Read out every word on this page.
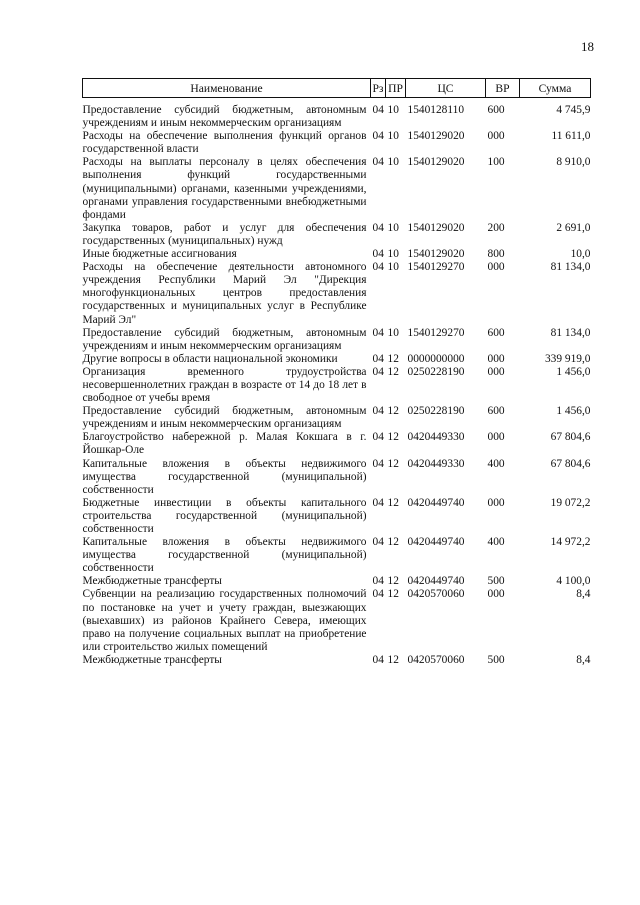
18
Наименование	Рз	ПР	ЦС	ВР	Сумма
Предоставление субсидий бюджетным, автономным учреждениям и иным некоммерческим организациям	04	10	1540128110	600	4 745,9
Расходы на обеспечение выполнения функций органов государственной власти	04	10	1540129020	000	11 611,0
Расходы на выплаты персоналу в целях обеспечения выполнения функций государственными (муниципальными) органами, казенными учреждениями, органами управления государственными внебюджетными фондами	04	10	1540129020	100	8 910,0
Закупка товаров, работ и услуг для обеспечения государственных (муниципальных) нужд	04	10	1540129020	200	2 691,0
Иные бюджетные ассигнования	04	10	1540129020	800	10,0
Расходы на обеспечение деятельности автономного учреждения Республики Марий Эл "Дирекция многофункциональных центров предоставления государственных и муниципальных услуг в Республике Марий Эл"	04	10	1540129270	000	81 134,0
Предоставление субсидий бюджетным, автономным учреждениям и иным некоммерческим организациям	04	10	1540129270	600	81 134,0
Другие вопросы в области национальной экономики	04	12	0000000000	000	339 919,0
Организация временного трудоустройства несовершеннолетних граждан в возрасте от 14 до 18 лет в свободное от учебы время	04	12	0250228190	000	1 456,0
Предоставление субсидий бюджетным, автономным учреждениям и иным некоммерческим организациям	04	12	0250228190	600	1 456,0
Благоустройство набережной р. Малая Кокшага в г. Йошкар-Оле	04	12	0420449330	000	67 804,6
Капитальные вложения в объекты недвижимого имущества государственной (муниципальной) собственности	04	12	0420449330	400	67 804,6
Бюджетные инвестиции в объекты капитального строительства государственной (муниципальной) собственности	04	12	0420449740	000	19 072,2
Капитальные вложения в объекты недвижимого имущества государственной (муниципальной) собственности	04	12	0420449740	400	14 972,2
Межбюджетные трансферты	04	12	0420449740	500	4 100,0
Субвенции на реализацию государственных полномочий по постановке на учет и учету граждан, выезжающих (выехавших) из районов Крайнего Севера, имеющих право на получение социальных выплат на приобретение или строительство жилых помещений	04	12	0420570060	000	8,4
Межбюджетные трансферты	04	12	0420570060	500	8,4
